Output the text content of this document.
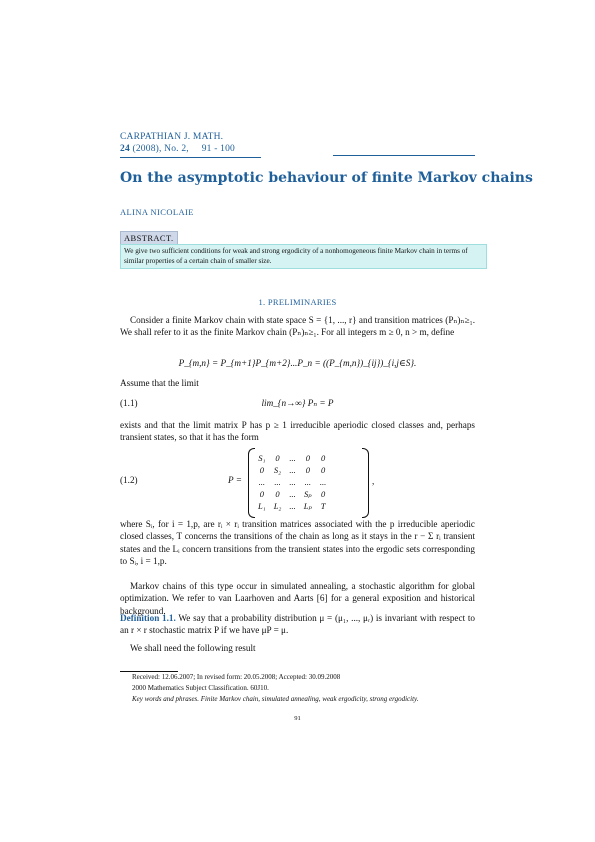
CARPATHIAN J. MATH.
24 (2008), No. 2, 91 - 100
On the asymptotic behaviour of finite Markov chains
ALINA NICOLAIE
ABSTRACT.
We give two sufficient conditions for weak and strong ergodicity of a nonhomogeneous finite Markov chain in terms of similar properties of a certain chain of smaller size.
1. PRELIMINARIES
Consider a finite Markov chain with state space S = {1, ..., r} and transition matrices (Pₙ)ₙ≥₁. We shall refer to it as the finite Markov chain (Pₙ)ₙ≥₁. For all integers m ≥ 0, n > m, define
P_{m,n} = P_{m+1}P_{m+2}...P_n = ((P_{m,n})_{ij})_{i,j∈S}.
Assume that the limit
(1.1)	lim_{n→∞} Pₙ = P
exists and that the limit matrix P has p ≥ 1 irreducible aperiodic closed classes and, perhaps transient states, so that it has the form
(1.2)	P =
S₁	0	...	0	0
0	S₂	...	0	0
...	...	...	...	...
0	0	...	Sₚ	0
L₁	L₂	...	Lₚ	T
,
where Sᵢ, for i = 1,p, are rᵢ × rᵢ transition matrices associated with the p irreducible aperiodic closed classes, T concerns the transitions of the chain as long as it stays in the r − Σ rᵢ transient states and the Lᵢ concern transitions from the transient states into the ergodic sets corresponding to Sᵢ, i = 1,p.
Markov chains of this type occur in simulated annealing, a stochastic algorithm for global optimization. We refer to van Laarhoven and Aarts [6] for a general exposition and historical background.
Definition 1.1. We say that a probability distribution μ = (μ₁, ..., μᵣ) is invariant with respect to an r × r stochastic matrix P if we have μP = μ.
We shall need the following result
Received: 12.06.2007; In revised form: 20.05.2008; Accepted: 30.09.2008
2000 Mathematics Subject Classification. 60J10.
Key words and phrases. Finite Markov chain, simulated annealing, weak ergodicity, strong ergodicity.
91
